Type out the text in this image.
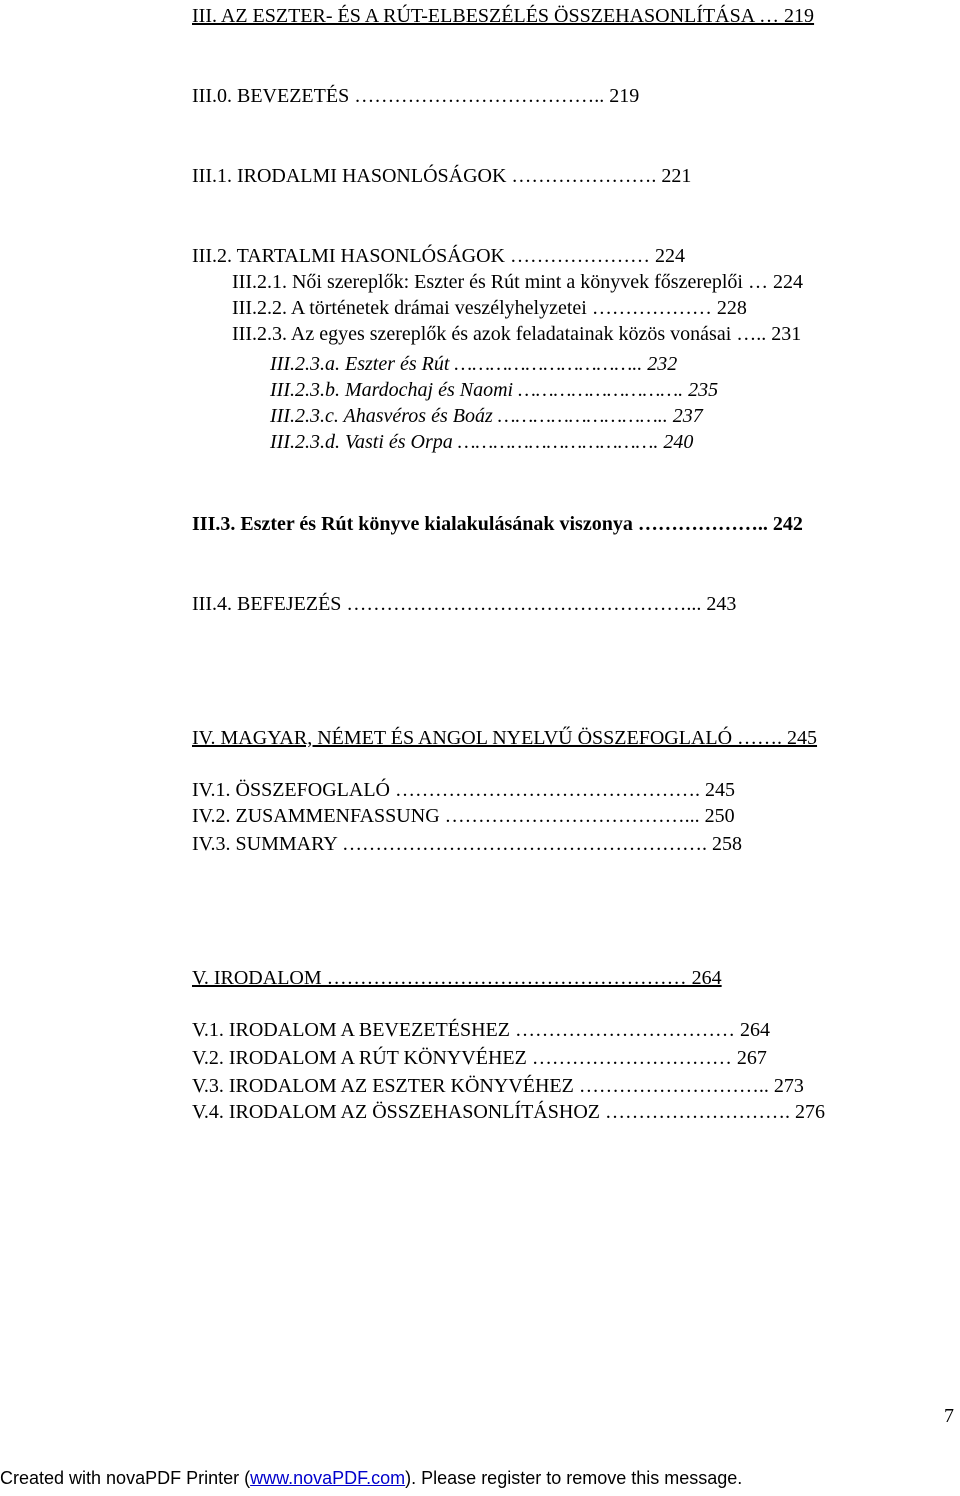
III. AZ ESZTER- ÉS A RÚT-ELBESZÉLÉS ÖSSZEHASONLÍTÁSA … 219
III.0. BEVEZETÉS ……………………………….. 219
III.1. IRODALMI HASONLÓSÁGOK …………………. 221
III.2. TARTALMI HASONLÓSÁGOK ………………… 224
III.2.1. Női szereplők: Eszter és Rút mint a könyvek főszereplői … 224
III.2.2. A történetek drámai veszélyhelyzetei ……………… 228
III.2.3. Az egyes szereplők és azok feladatainak közös vonásai ….. 231
III.2.3.a. Eszter és Rút ………………………….. 232
III.2.3.b. Mardochaj és Naomi ………………………. 235
III.2.3.c. Ahasvéros és Boáz ……………………….. 237
III.2.3.d. Vasti és Orpa ……………………………. 240
III.3. Eszter és Rút könyve kialakulásának viszonya ……………….. 242
III.4. BEFEJEZÉS ……………………………………………... 243
IV. MAGYAR, NÉMET ÉS ANGOL NYELVŰ ÖSSZEFOGLALÓ ……. 245
IV.1. ÖSSZEFOGLALÓ ………………………………………. 245
IV.2. ZUSAMMENFASSUNG ………………………………... 250
IV.3. SUMMARY ………………………………………………. 258
V. IRODALOM ……………………………………………… 264
V.1. IRODALOM A BEVEZETÉSHEZ …………………………… 264
V.2. IRODALOM A RÚT KÖNYVÉHEZ ………………………… 267
V.3. IRODALOM AZ ESZTER KÖNYVÉHEZ ……………………….. 273
V.4. IRODALOM AZ ÖSSZEHASONLÍTÁSHOZ ………………………. 276
7
Created with novaPDF Printer (www.novaPDF.com). Please register to remove this message.
